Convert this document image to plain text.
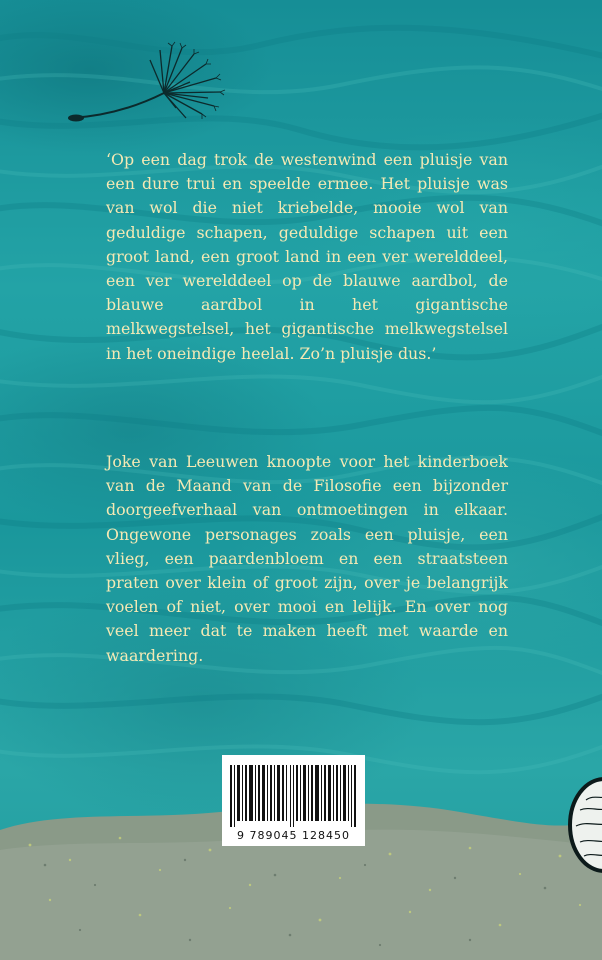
‘Op een dag trok de westenwind een pluisje van een dure trui en speelde ermee. Het pluisje was van wol die niet kriebelde, mooie wol van geduldige schapen, geduldige schapen uit een groot land, een groot land in een ver werelddeel, een ver werelddeel op de blauwe aardbol, de blauwe aardbol in het gigantische melkwegstelsel, het gigantische melkwegstelsel in het oneindige heelal. Zo’n pluisje dus.’

Joke van Leeuwen knoopte voor het kinderboek van de Maand van de Filosofie een bijzonder doorgeefverhaal van ontmoetingen in elkaar. Ongewone personages zoals een pluisje, een vlieg, een paardenbloem en een straatsteen praten over klein of groot zijn, over je belangrijk voelen of niet, over mooi en lelijk. En over nog veel meer dat te maken heeft met waarde en waardering.

9 789045 128450
